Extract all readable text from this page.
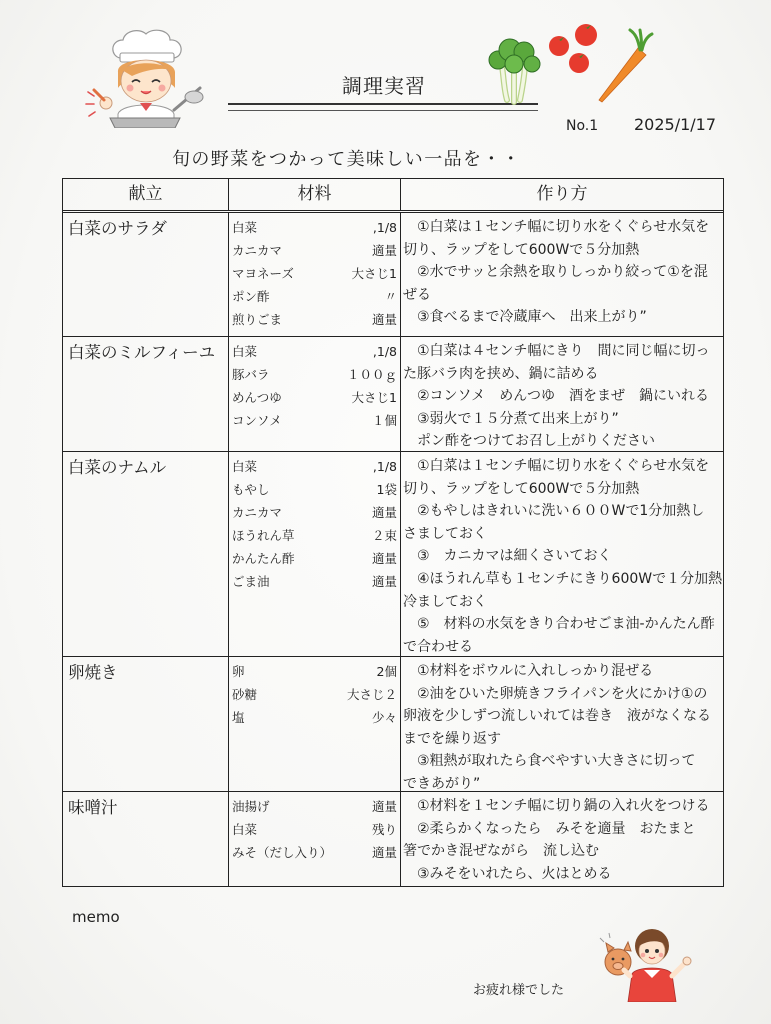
調理実習
No.1 2025/1/17

旬の野菜をつかって美味しい一品を・・

献立	材料	作り方
白菜のサラダ	白菜	,1/8
カニカマ	適量
マヨネーズ	大さじ1
ポン酢	〃
煎りごま	適量
　①白菜は１センチ幅に切り水をくぐらせ水気を
切り、ラップをして600Wで５分加熱
　②水でサッと余熱を取りしっかり絞って①を混
ぜる
　③食べるまで冷蔵庫へ　出来上がり”
白菜のミルフィーユ	白菜	,1/8
豚バラ	１００ｇ
めんつゆ	大さじ1
コンソメ	１個
　①白菜は４センチ幅にきり　間に同じ幅に切っ
た豚バラ肉を挟め、鍋に詰める
　②コンソメ　めんつゆ　酒をまぜ　鍋にいれる
　③弱火で１５分煮て出来上がり”
　ポン酢をつけてお召し上がりください
白菜のナムル	白菜	,1/8
もやし	1袋
カニカマ	適量
ほうれん草	２束
かんたん酢	適量
ごま油	適量
　①白菜は１センチ幅に切り水をくぐらせ水気を
切り、ラップをして600Wで５分加熱
　②もやしはきれいに洗い６００Wで1分加熱し
さましておく
　③　カニカマは細くさいておく
　④ほうれん草も１センチにきり600Wで１分加熱
冷ましておく
　⑤　材料の水気をきり合わせごま油-かんたん酢
で合わせる
卵焼き	卵	2個
砂糖	大さじ２
塩	少々
　①材料をボウルに入れしっかり混ぜる
　②油をひいた卵焼きフライパンを火にかけ①の
卵液を少しずつ流しいれては巻き　液がなくなる
までを繰り返す
　③粗熱が取れたら食べやすい大きさに切って
できあがり”
味噌汁	油揚げ	適量
白菜	残り
みそ（だし入り）	適量
　①材料を１センチ幅に切り鍋の入れ火をつける
　②柔らかくなったら　みそを適量　おたまと
箸でかき混ぜながら　流し込む
　③みそをいれたら、火はとめる
memo
お疲れ様でした
